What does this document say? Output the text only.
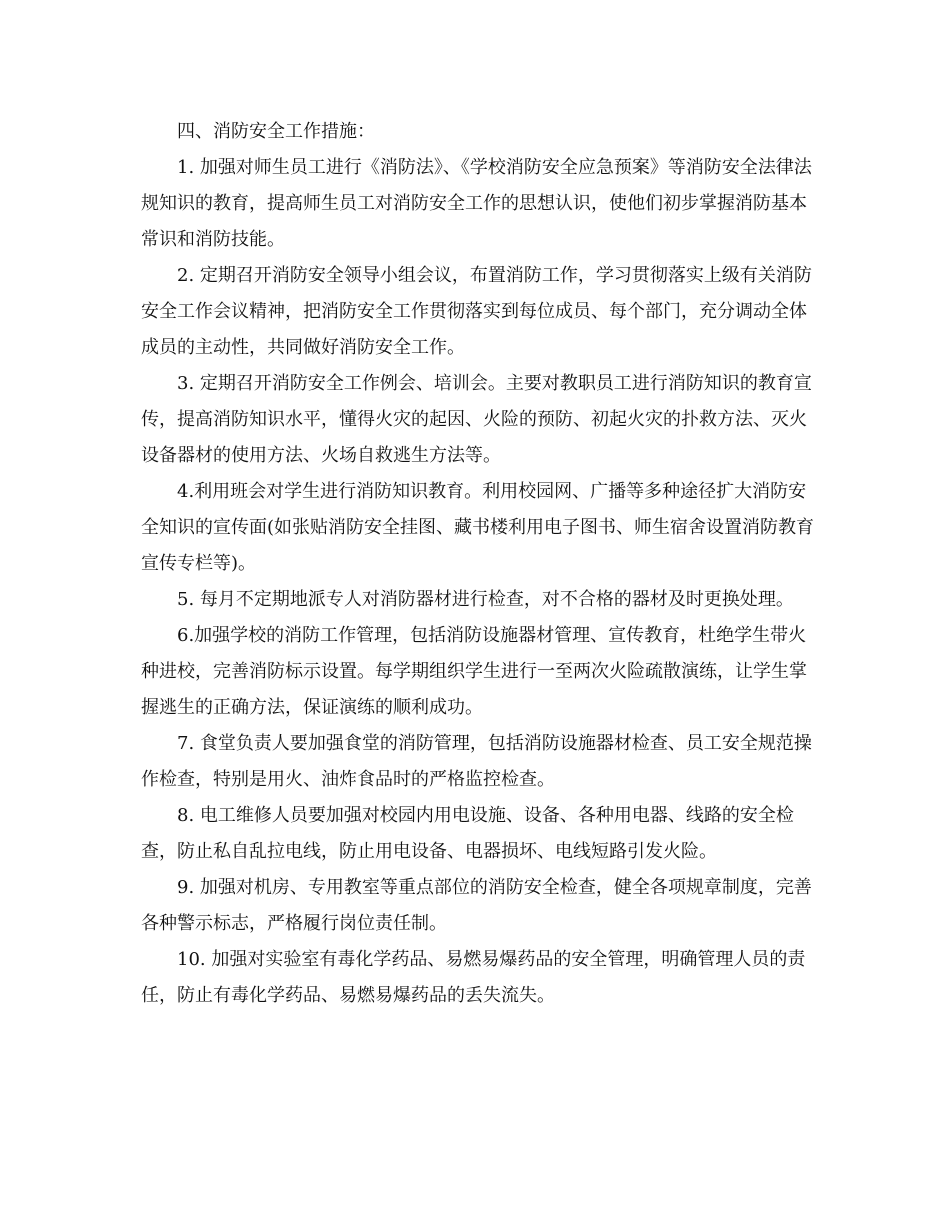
四、消防安全工作措施：

1. 加强对师生员工进行《消防法》、《学校消防安全应急预案》等消防安全法律法规知识的教育，提高师生员工对消防安全工作的思想认识，使他们初步掌握消防基本常识和消防技能。

2. 定期召开消防安全领导小组会议，布置消防工作，学习贯彻落实上级有关消防安全工作会议精神，把消防安全工作贯彻落实到每位成员、每个部门，充分调动全体成员的主动性，共同做好消防安全工作。

3. 定期召开消防安全工作例会、培训会。主要对教职员工进行消防知识的教育宣传，提高消防知识水平，懂得火灾的起因、火险的预防、初起火灾的扑救方法、灭火设备器材的使用方法、火场自救逃生方法等。

4.利用班会对学生进行消防知识教育。利用校园网、广播等多种途径扩大消防安全知识的宣传面(如张贴消防安全挂图、藏书楼利用电子图书、师生宿舍设置消防教育宣传专栏等)。

5. 每月不定期地派专人对消防器材进行检查，对不合格的器材及时更换处理。

6.加强学校的消防工作管理，包括消防设施器材管理、宣传教育，杜绝学生带火种进校，完善消防标示设置。每学期组织学生进行一至两次火险疏散演练，让学生掌握逃生的正确方法，保证演练的顺利成功。

7. 食堂负责人要加强食堂的消防管理，包括消防设施器材检查、员工安全规范操作检查，特别是用火、油炸食品时的严格监控检查。

8. 电工维修人员要加强对校园内用电设施、设备、各种用电器、线路的安全检查，防止私自乱拉电线，防止用电设备、电器损坏、电线短路引发火险。

9. 加强对机房、专用教室等重点部位的消防安全检查，健全各项规章制度，完善各种警示标志，严格履行岗位责任制。

10. 加强对实验室有毒化学药品、易燃易爆药品的安全管理，明确管理人员的责任，防止有毒化学药品、易燃易爆药品的丢失流失。
